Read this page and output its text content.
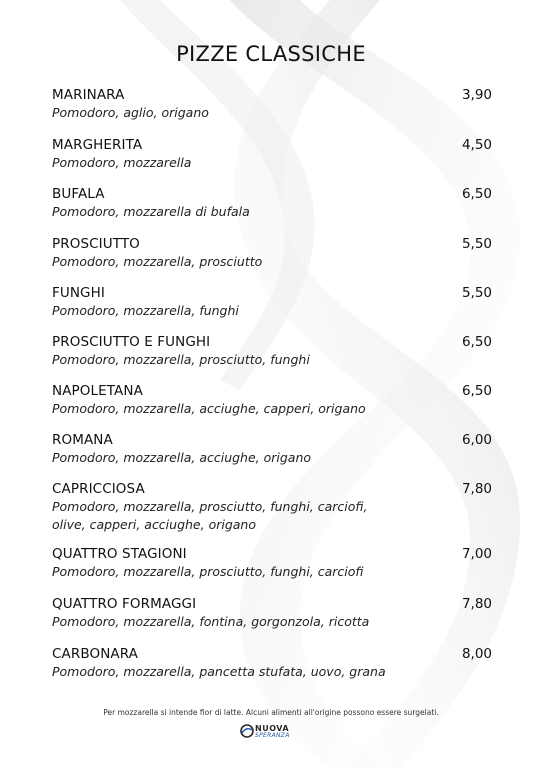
PIZZE CLASSICHE
MARINARA
Pomodoro, aglio, origano
3,90
MARGHERITA
Pomodoro, mozzarella
4,50
BUFALA
Pomodoro, mozzarella di bufala
6,50
PROSCIUTTO
Pomodoro, mozzarella, prosciutto
5,50
FUNGHI
Pomodoro, mozzarella, funghi
5,50
PROSCIUTTO E FUNGHI
Pomodoro, mozzarella, prosciutto, funghi
6,50
NAPOLETANA
Pomodoro, mozzarella, acciughe, capperi, origano
6,50
ROMANA
Pomodoro, mozzarella, acciughe, origano
6,00
CAPRICCIOSA
Pomodoro, mozzarella, prosciutto, funghi, carciofi, olive, capperi, acciughe, origano
7,80
QUATTRO STAGIONI
Pomodoro, mozzarella, prosciutto, funghi, carciofi
7,00
QUATTRO FORMAGGI
Pomodoro, mozzarella, fontina, gorgonzola, ricotta
7,80
CARBONARA
Pomodoro, mozzarella, pancetta stufata, uovo, grana
8,00
Per mozzarella si intende fior di latte. Alcuni alimenti all'origine possono essere surgelati.
NUOVA
SPERANZA
